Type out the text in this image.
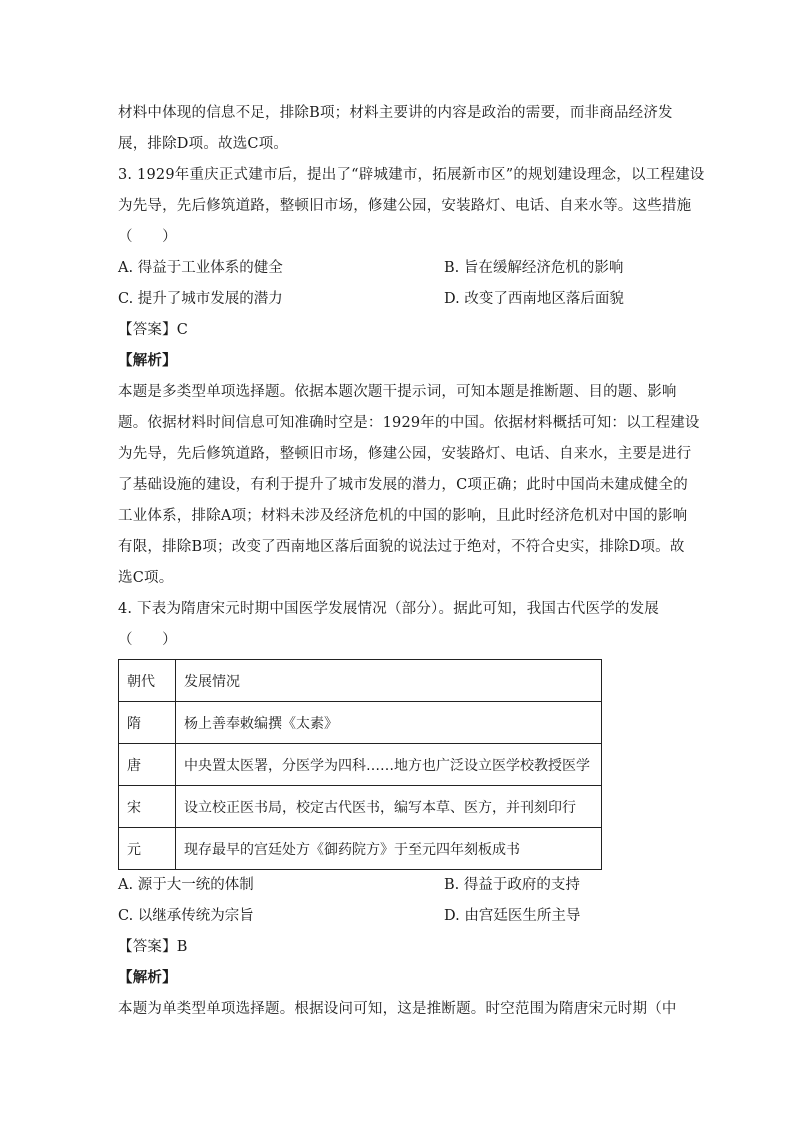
材料中体现的信息不足，排除B项；材料主要讲的内容是政治的需要，而非商品经济发
展，排除D项。故选C项。
3. 1929年重庆正式建市后，提出了“辟城建市，拓展新市区”的规划建设理念，以工程建设
为先导，先后修筑道路，整顿旧市场，修建公园，安装路灯、电话、自来水等。这些措施
（　　）
A. 得益于工业体系的健全	B. 旨在缓解经济危机的影响
C. 提升了城市发展的潜力	D. 改变了西南地区落后面貌
【答案】C
【解析】
本题是多类型单项选择题。依据本题次题干提示词，可知本题是推断题、目的题、影响
题。依据材料时间信息可知准确时空是：1929年的中国。依据材料概括可知：以工程建设
为先导，先后修筑道路，整顿旧市场，修建公园，安装路灯、电话、自来水，主要是进行
了基础设施的建设，有利于提升了城市发展的潜力，C项正确；此时中国尚未建成健全的
工业体系，排除A项；材料未涉及经济危机的中国的影响，且此时经济危机对中国的影响
有限，排除B项；改变了西南地区落后面貌的说法过于绝对，不符合史实，排除D项。故
选C项。
4. 下表为隋唐宋元时期中国医学发展情况（部分）。据此可知，我国古代医学的发展
（　　）
朝代	发展情况
隋	杨上善奉敕编撰《太素》
唐	中央置太医署，分医学为四科……地方也广泛设立医学校教授医学
宋	设立校正医书局，校定古代医书，编写本草、医方，并刊刻印行
元	现存最早的宫廷处方《御药院方》于至元四年刻板成书
A. 源于大一统的体制	B. 得益于政府的支持
C. 以继承传统为宗旨	D. 由宫廷医生所主导
【答案】B
【解析】
本题为单类型单项选择题。根据设问可知，这是推断题。时空范围为隋唐宋元时期（中
